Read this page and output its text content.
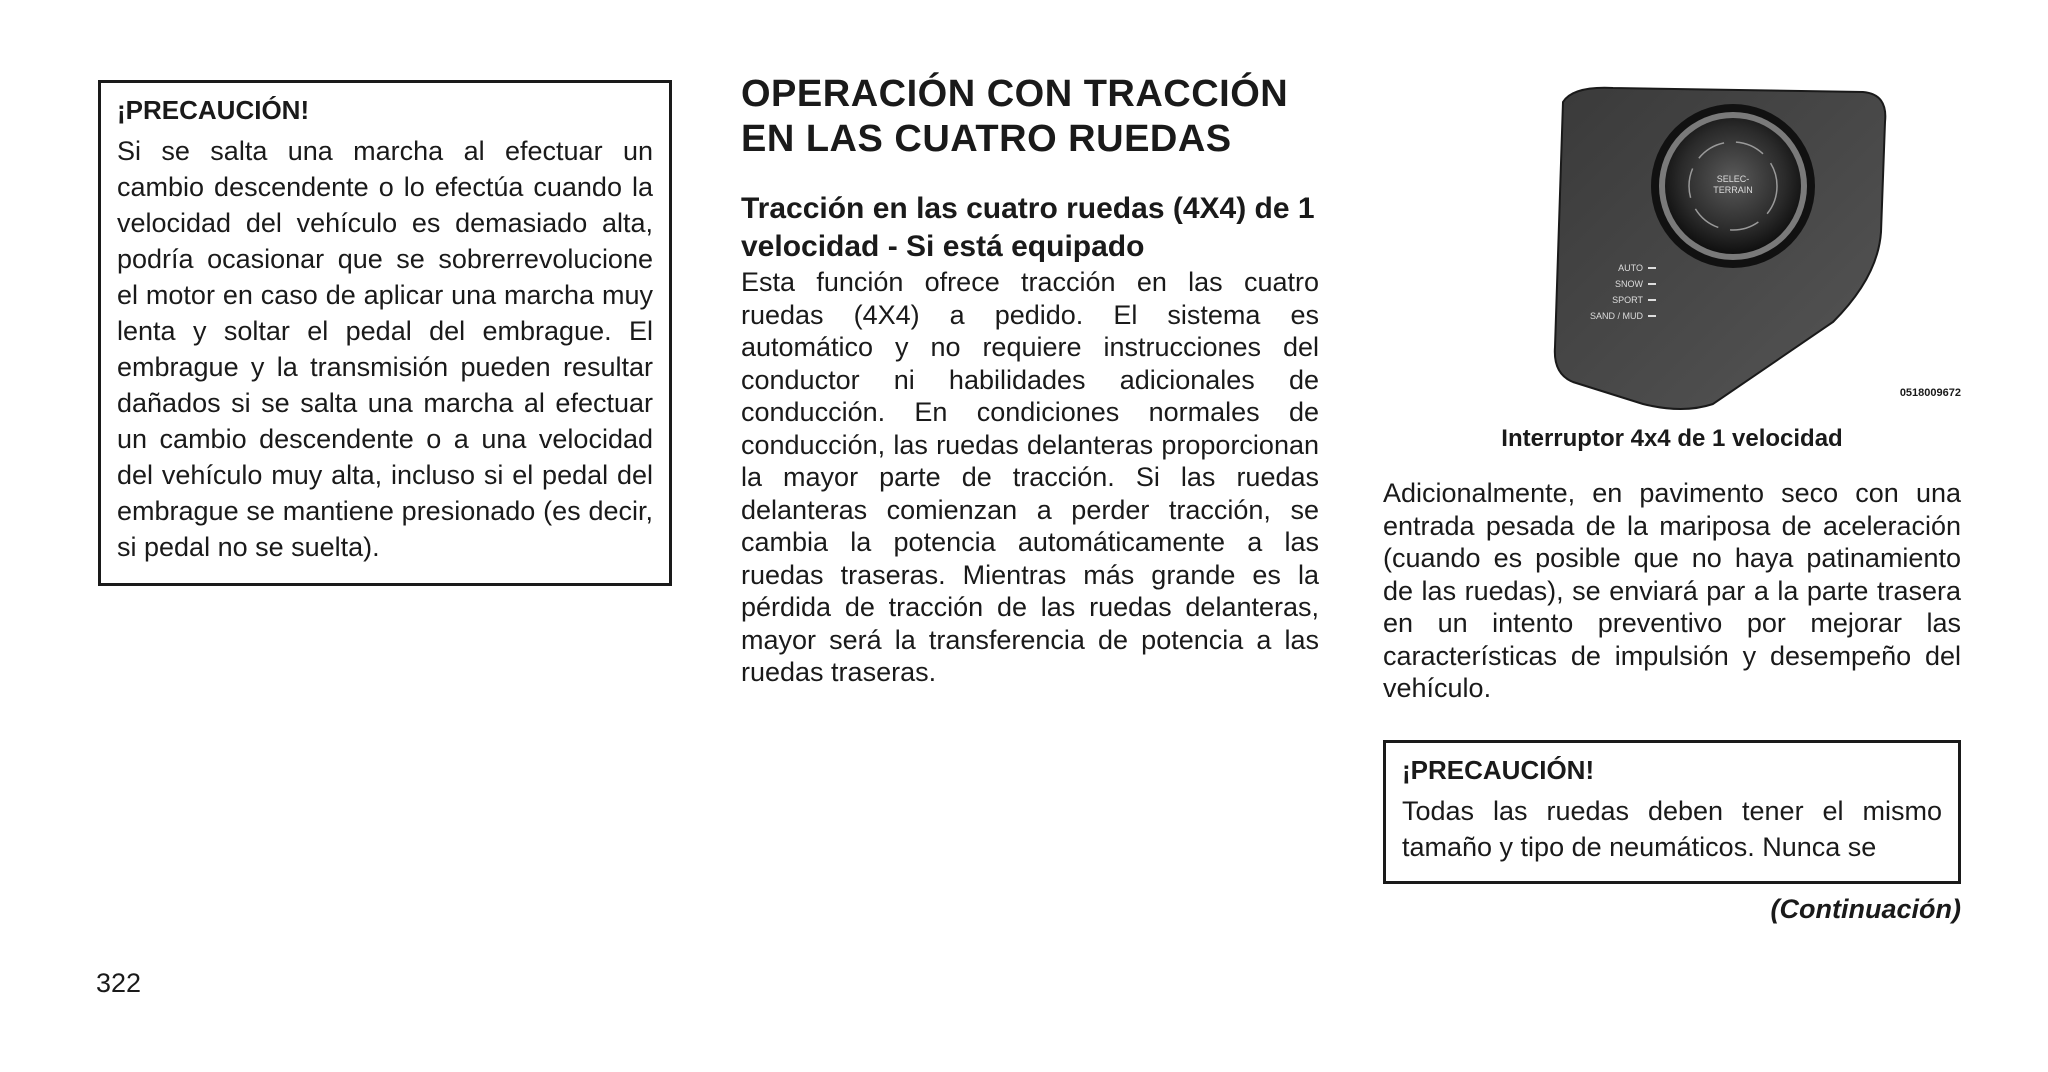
¡PRECAUCIÓN!
Si se salta una marcha al efectuar un cambio descendente o lo efectúa cuando la velocidad del vehículo es demasiado alta, podría ocasionar que se sobrerrevolucione el motor en caso de aplicar una marcha muy lenta y soltar el pedal del embrague. El embrague y la transmisión pueden resultar dañados si se salta una marcha al efectuar un cambio descendente o a una velocidad del vehículo muy alta, incluso si el pedal del embrague se mantiene presionado (es decir, si pedal no se suelta).
OPERACIÓN CON TRACCIÓN EN LAS CUATRO RUEDAS
Tracción en las cuatro ruedas (4X4) de 1 velocidad - Si está equipado
Esta función ofrece tracción en las cuatro ruedas (4X4) a pedido. El sistema es automático y no requiere instrucciones del conductor ni habilidades adicionales de conducción. En condiciones normales de conducción, las ruedas delanteras proporcionan la mayor parte de tracción. Si las ruedas delanteras comienzan a perder tracción, se cambia la potencia automáticamente a las ruedas traseras. Mientras más grande es la pérdida de tracción de las ruedas delanteras, mayor será la transferencia de potencia a las ruedas traseras.
SELEC-
TERRAIN
AUTO
SNOW
SPORT
SAND / MUD
0518009672
Interruptor 4x4 de 1 velocidad
Adicionalmente, en pavimento seco con una entrada pesada de la mariposa de aceleración (cuando es posible que no haya patinamiento de las ruedas), se enviará par a la parte trasera en un intento preventivo por mejorar las características de impulsión y desempeño del vehículo.
¡PRECAUCIÓN!
Todas las ruedas deben tener el mismo tamaño y tipo de neumáticos. Nunca se
(Continuación)
322
